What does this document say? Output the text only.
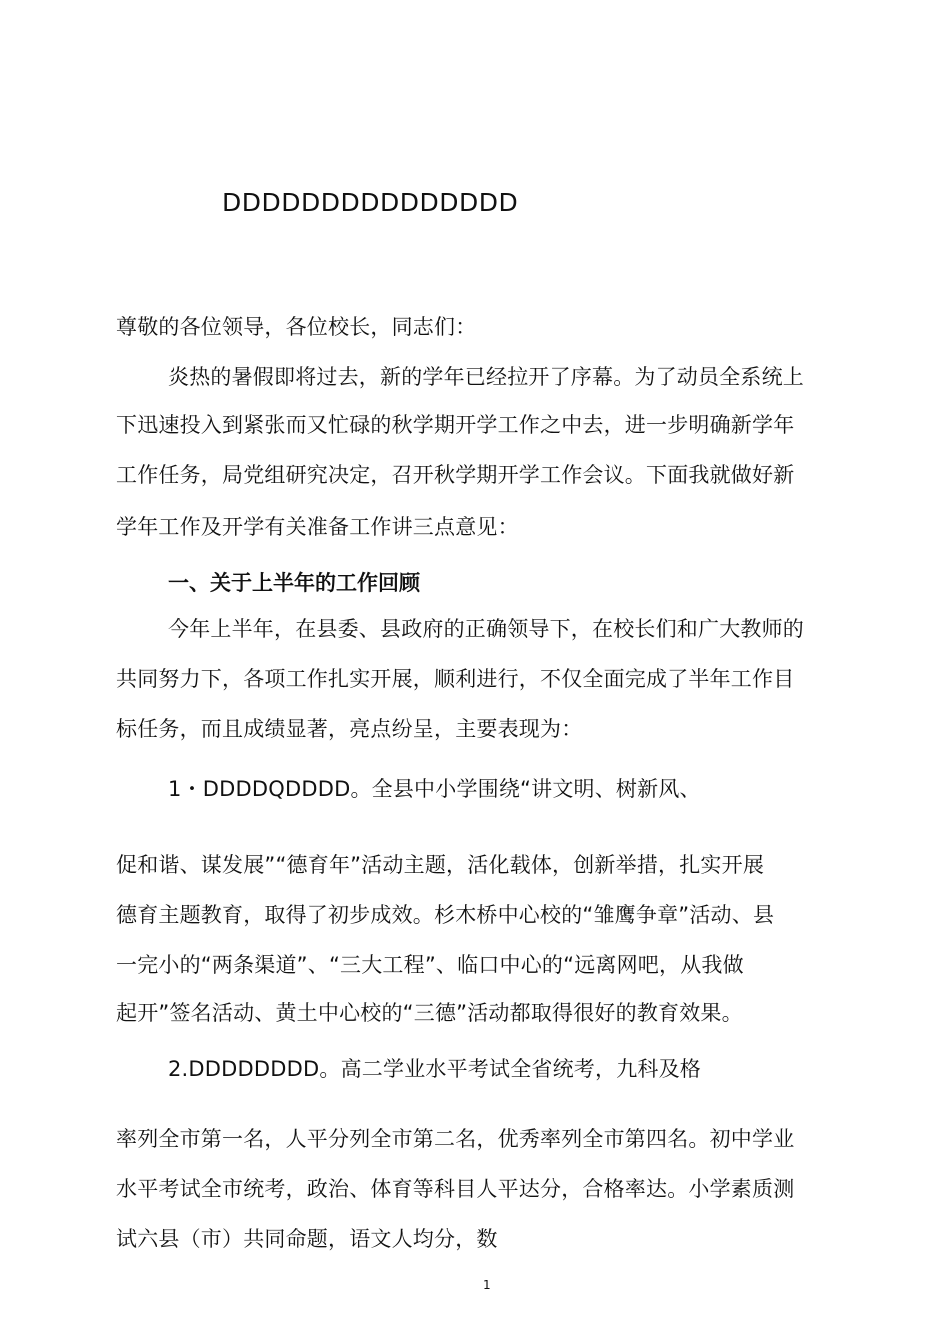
DDDDDDDDDDDDDDD
尊敬的各位领导，各位校长，同志们：
炎热的暑假即将过去，新的学年已经拉开了序幕。为了动员全系统上
下迅速投入到紧张而又忙碌的秋学期开学工作之中去，进一步明确新学年
工作任务，局党组研究决定，召开秋学期开学工作会议。下面我就做好新
学年工作及开学有关准备工作讲三点意见：
一、关于上半年的工作回顾
今年上半年，在县委、县政府的正确领导下，在校长们和广大教师的
共同努力下，各项工作扎实开展，顺利进行，不仅全面完成了半年工作目
标任务，而且成绩显著，亮点纷呈，主要表现为：
1・DDDDQDDDD。全县中小学围绕“讲文明、树新风、
促和谐、谋发展”“德育年”活动主题，活化载体，创新举措，扎实开展
德育主题教育，取得了初步成效。杉木桥中心校的“雏鹰争章”活动、县
一完小的“两条渠道”、“三大工程”、临口中心的“远离网吧，从我做
起开”签名活动、黄土中心校的“三德”活动都取得很好的教育效果。
2.DDDDDDDD。高二学业水平考试全省统考，九科及格
率列全市第一名，人平分列全市第二名，优秀率列全市第四名。初中学业
水平考试全市统考，政治、体育等科目人平达分，合格率达。小学素质测
试六县（市）共同命题，语文人均分，数
1
